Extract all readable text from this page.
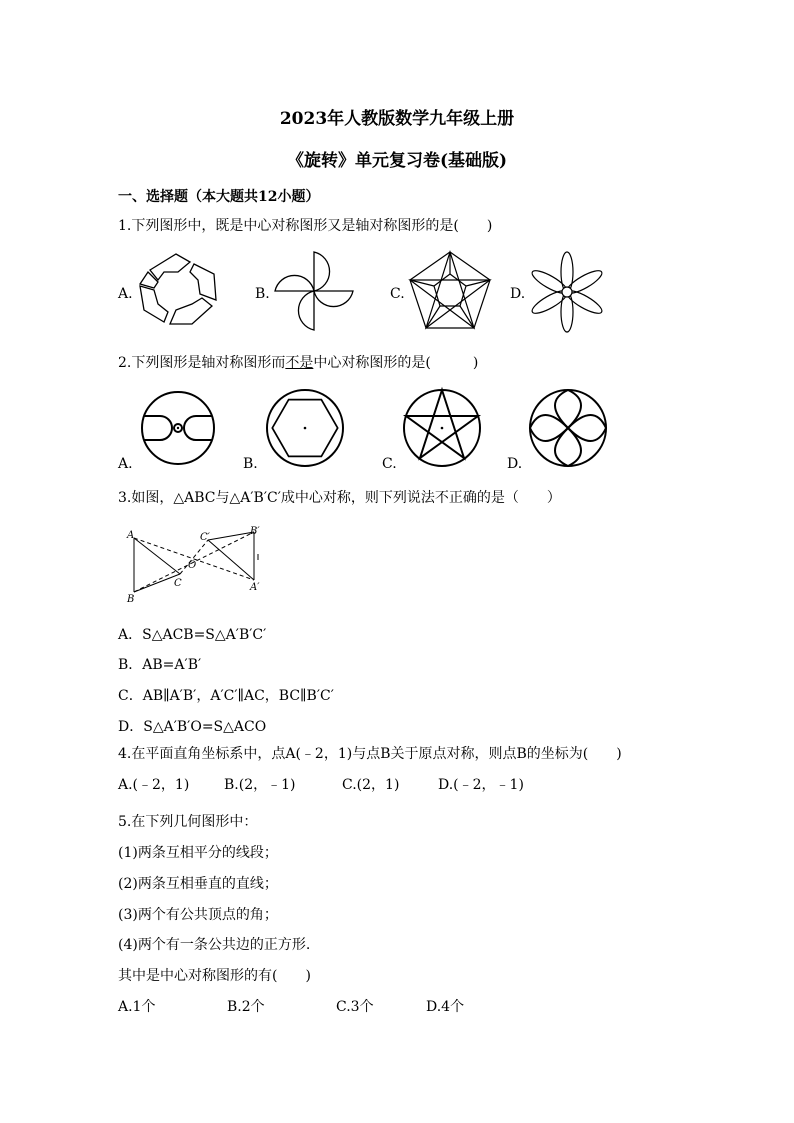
2023年人教版数学九年级上册
《旋转》单元复习卷(基础版)
一、选择题（本大题共12小题）
1.下列图形中，既是中心对称图形又是轴对称图形的是(　　)
A.	B.	C.	D.
2.下列图形是轴对称图形而不是中心对称图形的是(　　　)
A.	B.	C.	D.
3.如图，△ABC与△A′B′C′成中心对称，则下列说法不正确的是（　　）
A
B
C
C′
O
B′
A′
A．S△ACB=S△A′B′C′
B．AB=A′B′
C．AB∥A′B′，A′C′∥AC，BC∥B′C′
D．S△A′B′O=S△ACO
4.在平面直角坐标系中，点A(﹣2，1)与点B关于原点对称，则点B的坐标为(　　)
A.(﹣2，1) B.(2，﹣1)	C.(2，1)	D.(﹣2，﹣1)
5.在下列几何图形中：
(1)两条互相平分的线段；
(2)两条互相垂直的直线；
(3)两个有公共顶点的角；
(4)两个有一条公共边的正方形.
其中是中心对称图形的有(　　)
A.1个	B.2个	C.3个	D.4个
